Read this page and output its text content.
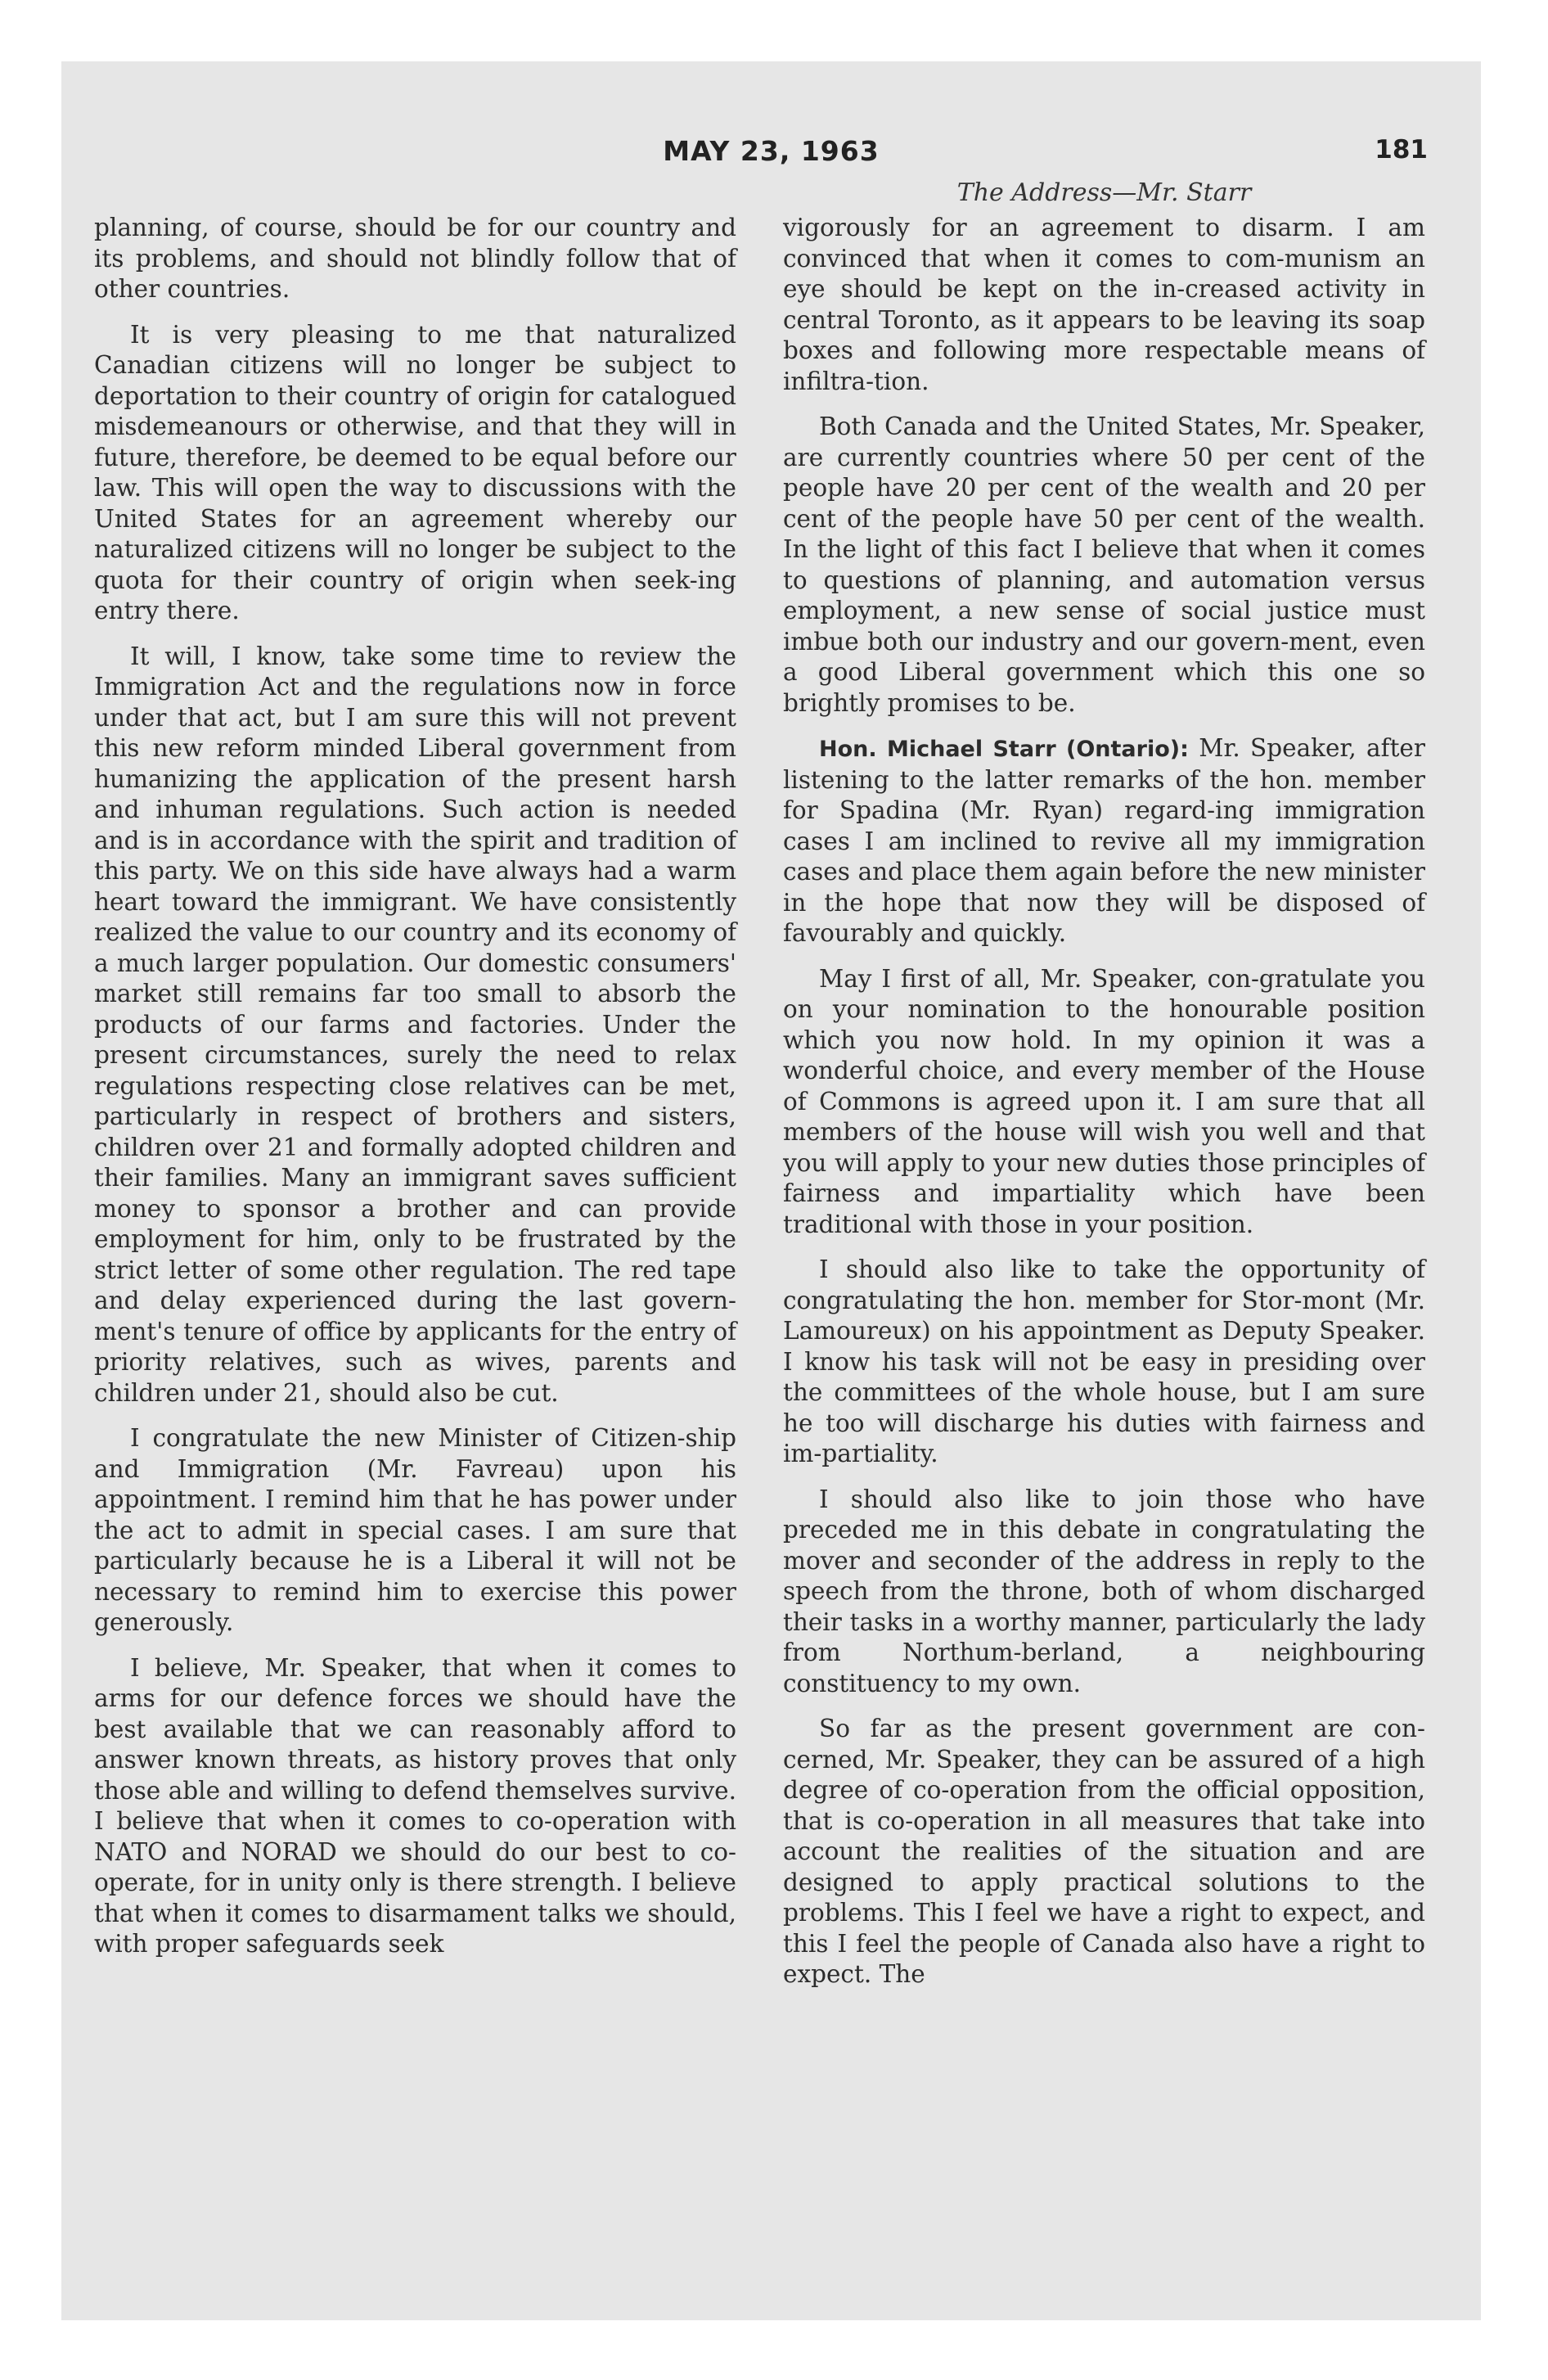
MAY 23, 1963	181
The Address—Mr. Starr

planning, of course, should be for our country and its problems, and should not blindly follow that of other countries.

It is very pleasing to me that naturalized Canadian citizens will no longer be subject to deportation to their country of origin for catalogued misdemeanours or otherwise, and that they will in future, therefore, be deemed to be equal before our law. This will open the way to discussions with the United States for an agreement whereby our naturalized citizens will no longer be subject to the quota for their country of origin when seek-ing entry there.

It will, I know, take some time to review the Immigration Act and the regulations now in force under that act, but I am sure this will not prevent this new reform minded Liberal government from humanizing the application of the present harsh and inhuman regulations. Such action is needed and is in accordance with the spirit and tradition of this party. We on this side have always had a warm heart toward the immigrant. We have consistently realized the value to our country and its economy of a much larger population. Our domestic consumers' market still remains far too small to absorb the products of our farms and factories. Under the present circumstances, surely the need to relax regulations respecting close relatives can be met, particularly in respect of brothers and sisters, children over 21 and formally adopted children and their families. Many an immigrant saves sufficient money to sponsor a brother and can provide employment for him, only to be frustrated by the strict letter of some other regulation. The red tape and delay experienced during the last govern-ment's tenure of office by applicants for the entry of priority relatives, such as wives, parents and children under 21, should also be cut.

I congratulate the new Minister of Citizen-ship and Immigration (Mr. Favreau) upon his appointment. I remind him that he has power under the act to admit in special cases. I am sure that particularly because he is a Liberal it will not be necessary to remind him to exercise this power generously.

I believe, Mr. Speaker, that when it comes to arms for our defence forces we should have the best available that we can reasonably afford to answer known threats, as history proves that only those able and willing to defend themselves survive. I believe that when it comes to co-operation with NATO and NORAD we should do our best to co-operate, for in unity only is there strength. I believe that when it comes to disarmament talks we should, with proper safeguards seek

vigorously for an agreement to disarm. I am convinced that when it comes to com-munism an eye should be kept on the in-creased activity in central Toronto, as it appears to be leaving its soap boxes and following more respectable means of infiltra-tion.

Both Canada and the United States, Mr. Speaker, are currently countries where 50 per cent of the people have 20 per cent of the wealth and 20 per cent of the people have 50 per cent of the wealth. In the light of this fact I believe that when it comes to questions of planning, and automation versus employment, a new sense of social justice must imbue both our industry and our govern-ment, even a good Liberal government which this one so brightly promises to be.

Hon. Michael Starr (Ontario): Mr. Speaker, after listening to the latter remarks of the hon. member for Spadina (Mr. Ryan) regard-ing immigration cases I am inclined to revive all my immigration cases and place them again before the new minister in the hope that now they will be disposed of favourably and quickly.

May I first of all, Mr. Speaker, con-gratulate you on your nomination to the honourable position which you now hold. In my opinion it was a wonderful choice, and every member of the House of Commons is agreed upon it. I am sure that all members of the house will wish you well and that you will apply to your new duties those principles of fairness and impartiality which have been traditional with those in your position.

I should also like to take the opportunity of congratulating the hon. member for Stor-mont (Mr. Lamoureux) on his appointment as Deputy Speaker. I know his task will not be easy in presiding over the committees of the whole house, but I am sure he too will discharge his duties with fairness and im-partiality.

I should also like to join those who have preceded me in this debate in congratulating the mover and seconder of the address in reply to the speech from the throne, both of whom discharged their tasks in a worthy manner, particularly the lady from Northum-berland, a neighbouring constituency to my own.

So far as the present government are con-cerned, Mr. Speaker, they can be assured of a high degree of co-operation from the official opposition, that is co-operation in all measures that take into account the realities of the situation and are designed to apply practical solutions to the problems. This I feel we have a right to expect, and this I feel the people of Canada also have a right to expect. The
